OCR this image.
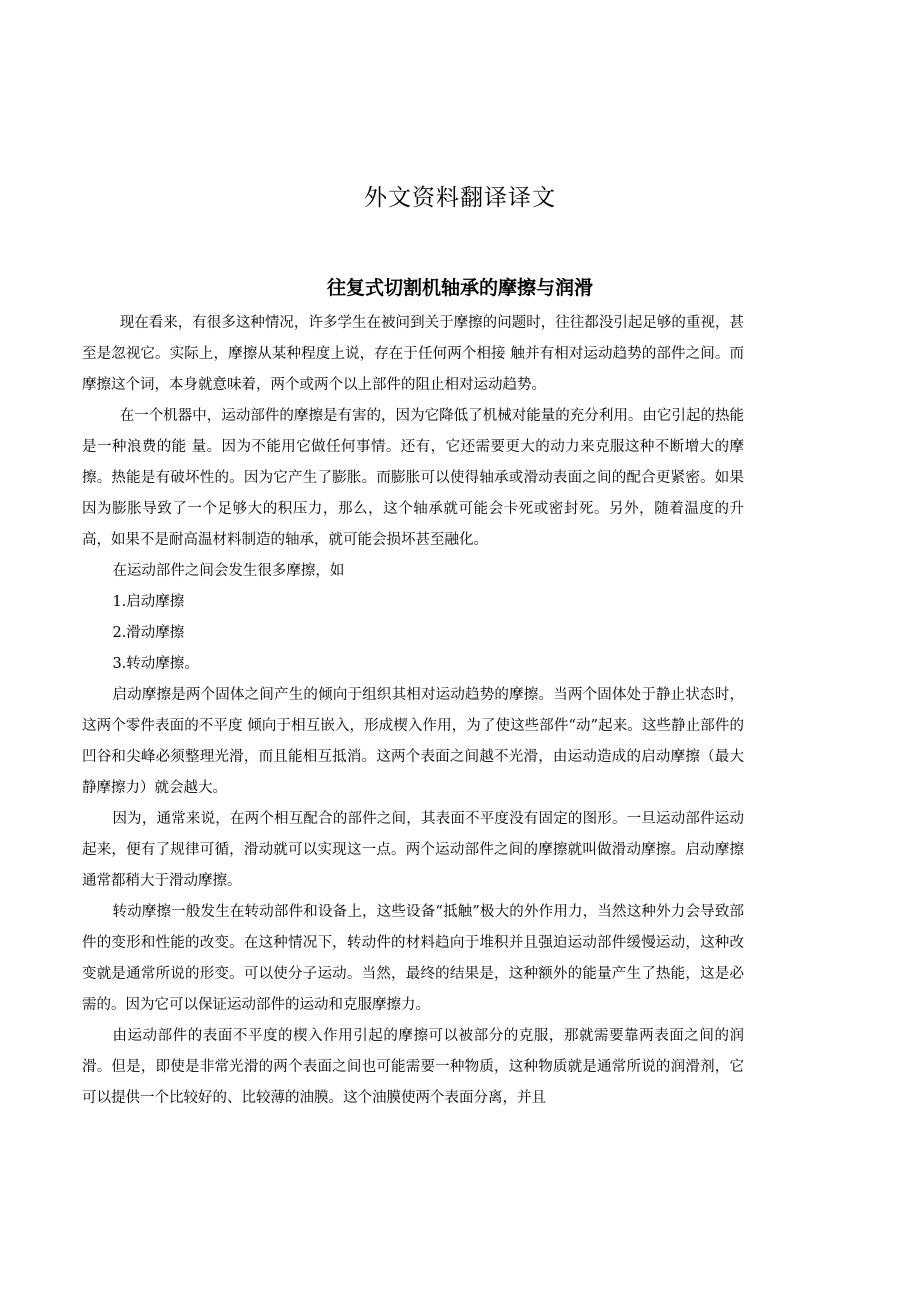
外文资料翻译译文
往复式切割机轴承的摩擦与润滑

现在看来，有很多这种情况，许多学生在被问到关于摩擦的问题时，往往都没引起足够的重视，甚至是忽视它。实际上，摩擦从某种程度上说，存在于任何两个相接 触并有相对运动趋势的部件之间。而摩擦这个词，本身就意味着，两个或两个以上部件的阻止相对运动趋势。

在一个机器中，运动部件的摩擦是有害的，因为它降低了机械对能量的充分利用。由它引起的热能是一种浪费的能 量。因为不能用它做任何事情。还有，它还需要更大的动力来克服这种不断增大的摩擦。热能是有破坏性的。因为它产生了膨胀。而膨胀可以使得轴承或滑动表面之间的配合更紧密。如果因为膨胀导致了一个足够大的积压力，那么，这个轴承就可能会卡死或密封死。另外，随着温度的升高，如果不是耐高温材料制造的轴承，就可能会损坏甚至融化。

在运动部件之间会发生很多摩擦，如

1.启动摩擦

2.滑动摩擦

3.转动摩擦。

启动摩擦是两个固体之间产生的倾向于组织其相对运动趋势的摩擦。当两个固体处于静止状态时，这两个零件表面的不平度 倾向于相互嵌入，形成楔入作用，为了使这些部件“动”起来。这些静止部件的凹谷和尖峰必须整理光滑，而且能相互抵消。这两个表面之间越不光滑，由运动造成的启动摩擦（最大静摩擦力）就会越大。

因为，通常来说，在两个相互配合的部件之间，其表面不平度没有固定的图形。一旦运动部件运动起来，便有了规律可循，滑动就可以实现这一点。两个运动部件之间的摩擦就叫做滑动摩擦。启动摩擦通常都稍大于滑动摩擦。

转动摩擦一般发生在转动部件和设备上，这些设备“抵触”极大的外作用力，当然这种外力会导致部件的变形和性能的改变。在这种情况下，转动件的材料趋向于堆积并且强迫运动部件缓慢运动，这种改变就是通常所说的形变。可以使分子运动。当然，最终的结果是，这种额外的能量产生了热能，这是必需的。因为它可以保证运动部件的运动和克服摩擦力。

由运动部件的表面不平度的楔入作用引起的摩擦可以被部分的克服，那就需要靠两表面之间的润滑。但是，即使是非常光滑的两个表面之间也可能需要一种物质，这种物质就是通常所说的润滑剂，它可以提供一个比较好的、比较薄的油膜。这个油膜使两个表面分离，并且
